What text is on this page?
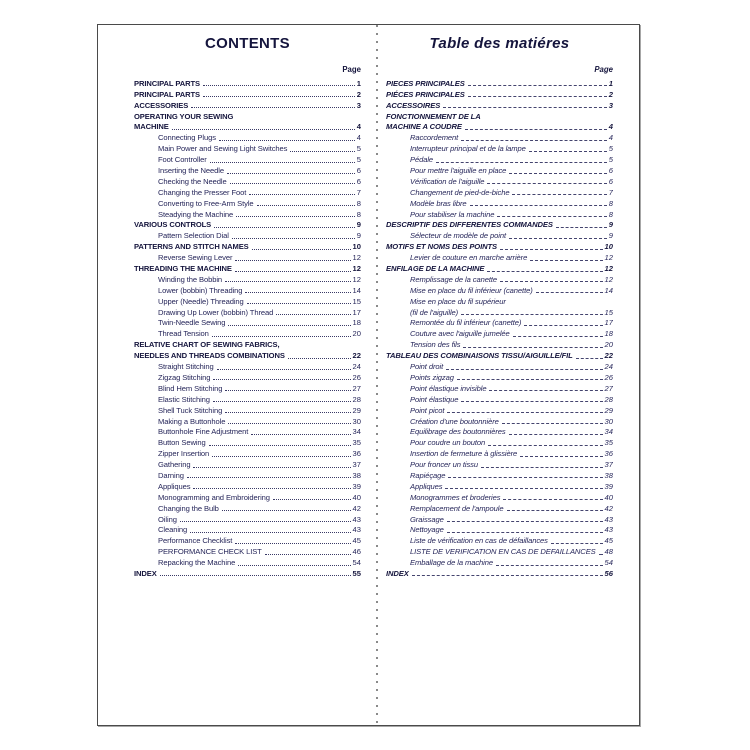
CONTENTS
Page
PRINCIPAL PARTS	1
PRINCIPAL PARTS	2
ACCESSORIES	3
OPERATING YOUR SEWING
MACHINE	4
Connecting Plugs	4
Main Power and Sewing Light Switches	5
Foot Controller	5
Inserting the Needle	6
Checking the Needle	6
Changing the Presser Foot	7
Converting to Free-Arm Style	8
Steadying the Machine	8
VARIOUS CONTROLS	9
Pattern Selection Dial	9
PATTERNS AND STITCH NAMES	10
Reverse Sewing Lever	12
THREADING THE MACHINE	12
Winding the Bobbin	12
Lower (bobbin) Threading	14
Upper (Needle) Threading	15
Drawing Up Lower (bobbin) Thread	17
Twin-Needle Sewing	18
Thread Tension	20
RELATIVE CHART OF SEWING FABRICS,
NEEDLES AND THREADS COMBINATIONS	22
Straight Stitching	24
Zigzag Stitching	26
Blind Hem Stitching	27
Elastic Stitching	28
Shell Tuck Stitching	29
Making a Buttonhole	30
Buttonhole Fine Adjustment	34
Button Sewing	35
Zipper Insertion	36
Gathering	37
Darning	38
Appliques	39
Monogramming and Embroidering	40
Changing the Bulb	42
Oiling	43
Cleaning	43
Performance Checklist	45
PERFORMANCE CHECK LIST	46
Repacking the Machine	54
INDEX	55
Table des matiéres
Page
PIECES PRINCIPALES	1
PIÉCES PRINCIPALES	2
ACCESSOIRES	3
FONCTIONNEMENT DE LA
MACHINE A COUDRE	4
Raccordement	4
Interrupteur principal et de la lampe	5
Pédale	5
Pour mettre l'aiguille en place	6
Vérification de l'aiguille	6
Changement de pied-de-biche	7
Modèle bras libre	8
Pour stabiliser la machine	8
DESCRIPTIF DES DIFFERENTES COMMANDES	9
Sélecteur de modèle de point	9
MOTIFS ET NOMS DES POINTS	10
Levier de couture en marche arrière	12
ENFILAGE DE LA MACHINE	12
Remplissage de la canette	12
Mise en place du fil inférieur (canette)	14
Mise en place du fil supérieur
(fil de l'aiguille)	15
Remontée du fil inférieur (canette)	17
Couture avec l'aiguille jumelée	18
Tension des fils	20
TABLEAU DES COMBINAISONS TISSU/AIGUILLE/FIL	22
Point droit	24
Points zigzag	26
Point élastique invisible	27
Point élastique	28
Point picot	29
Création d'une boutonnière	30
Equilibrage des boutonnières	34
Pour coudre un bouton	35
Insertion de fermeture à glissière	36
Pour froncer un tissu	37
Rapiéçage	38
Appliques	39
Monogrammes et broderies	40
Remplacement de l'ampoule	42
Graissage	43
Nettoyage	43
Liste de vérification en cas de défaillances	45
LISTE DE VERIFICATION EN CAS DE DEFAILLANCES 48
Emballage de la machine	54
INDEX	56
